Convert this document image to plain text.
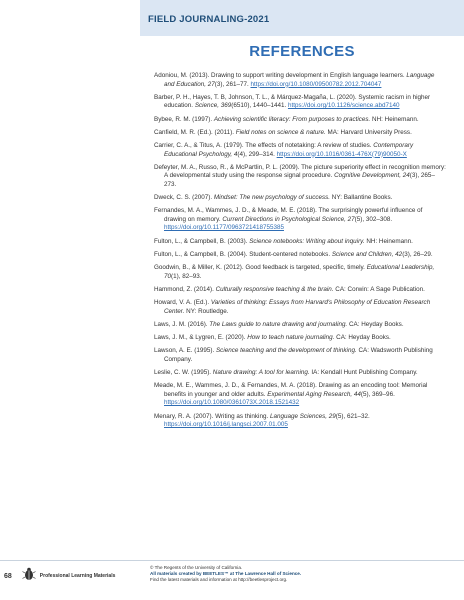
FIELD JOURNALING-2021
REFERENCES
Adoniou, M. (2013). Drawing to support writing development in English language learners. Language and Education, 27(3), 261–77. https://doi.org/10.1080/09500782.2012.704047
Barber, P. H., Hayes, T. B, Johnson, T. L., & Márquez-Magaña, L. (2020). Systemic racism in higher education. Science, 369(6510), 1440–1441. https://doi.org/10.1126/science.abd7140
Bybee, R. M. (1997). Achieving scientific literacy: From purposes to practices. NH: Heinemann.
Canfield, M. R. (Ed.). (2011). Field notes on science & nature. MA: Harvard University Press.
Carrier, C. A., & Titus, A. (1979). The effects of notetaking: A review of studies. Contemporary Educational Psychology, 4(4), 299–314. https://doi.org/10.1016/0361-476X(79)90050-X
Defeyter, M. A., Russo, R., & McPartlin, P. L. (2009). The picture superiority effect in recognition memory: A developmental study using the response signal procedure. Cognitive Development, 24(3), 265–273.
Dweck, C. S. (2007). Mindset: The new psychology of success. NY: Ballantine Books.
Fernandes, M. A., Wammes, J. D., & Meade, M. E. (2018). The surprisingly powerful influence of drawing on memory. Current Directions in Psychological Science, 27(5), 302–308. https://doi.org/10.1177/0963721418755385
Fulton, L., & Campbell, B. (2003). Science notebooks: Writing about inquiry. NH: Heinemann.
Fulton, L., & Campbell, B. (2004). Student-centered notebooks. Science and Children, 42(3), 26–29.
Goodwin, B., & Miller, K. (2012). Good feedback is targeted, specific, timely. Educational Leadership, 70(1), 82–93.
Hammond, Z. (2014). Culturally responsive teaching & the brain. CA: Corwin: A Sage Publication.
Howard, V. A. (Ed.). Varieties of thinking: Essays from Harvard's Philosophy of Education Research Center. NY: Routledge.
Laws, J. M. (2016). The Laws guide to nature drawing and journaling. CA: Heyday Books.
Laws, J. M., & Lygren, E. (2020). How to teach nature journaling. CA: Heyday Books.
Lawson, A. E. (1995). Science teaching and the development of thinking. CA: Wadsworth Publishing Company.
Leslie, C. W. (1995). Nature drawing: A tool for learning. IA: Kendall Hunt Publishing Company.
Meade, M. E., Wammes, J. D., & Fernandes, M. A. (2018). Drawing as an encoding tool: Memorial benefits in younger and older adults. Experimental Aging Research, 44(5), 369–96. https://doi.org/10.1080/0361073X.2018.1521432
Menary, R. A. (2007). Writing as thinking. Language Sciences, 29(5), 621–32. https://doi.org/10.1016/j.langsci.2007.01.005
68	Professional Learning Materials
© The Regents of the University of California.
All materials created by BEETLES™ at The Lawrence Hall of Science.
Find the latest materials and information at http://beetlesproject.org.
